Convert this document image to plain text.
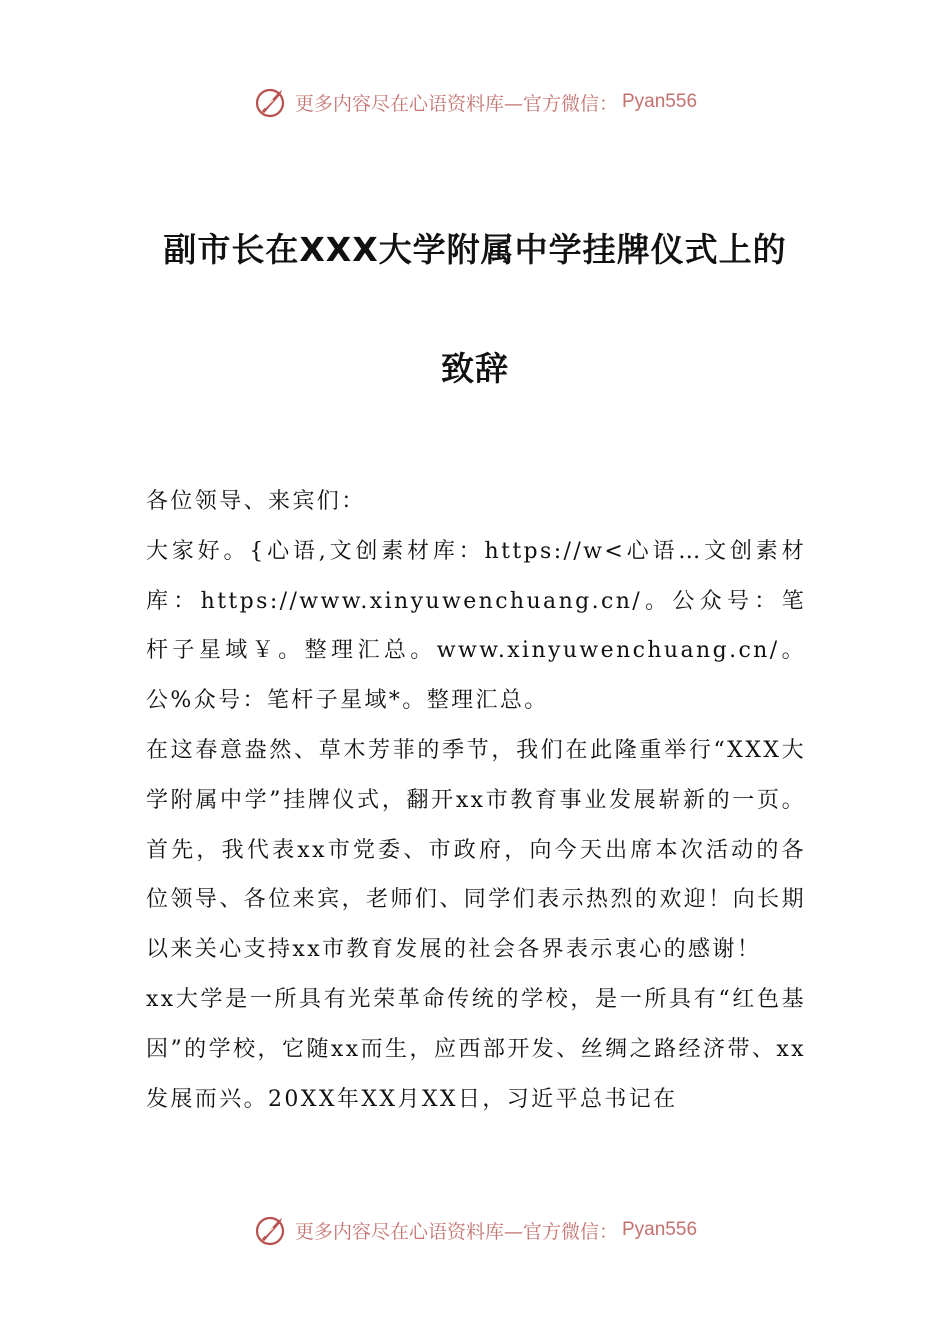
更多内容尽在心语资料库—官方微信： Pyan556
副市长在XXX大学附属中学挂牌仪式上的
致辞

各位领导、来宾们：

大家好。{心语,文创素材库：https://w<心语…文创素材库：https://www.xinyuwenchuang.cn/。公众号：笔杆子星域￥。整理汇总。www.xinyuwenchuang.cn/。公%众号：笔杆子星域*。整理汇总。

在这春意盎然、草木芳菲的季节，我们在此隆重举行“XXX大学附属中学”挂牌仪式，翻开xx市教育事业发展崭新的一页。首先，我代表xx市党委、市政府，向今天出席本次活动的各位领导、各位来宾，老师们、同学们表示热烈的欢迎！向长期以来关心支持xx市教育发展的社会各界表示衷心的感谢！

xx大学是一所具有光荣革命传统的学校，是一所具有“红色基因”的学校，它随xx而生，应西部开发、丝绸之路经济带、xx发展而兴。20XX年XX月XX日，习近平总书记在

更多内容尽在心语资料库—官方微信： Pyan556
